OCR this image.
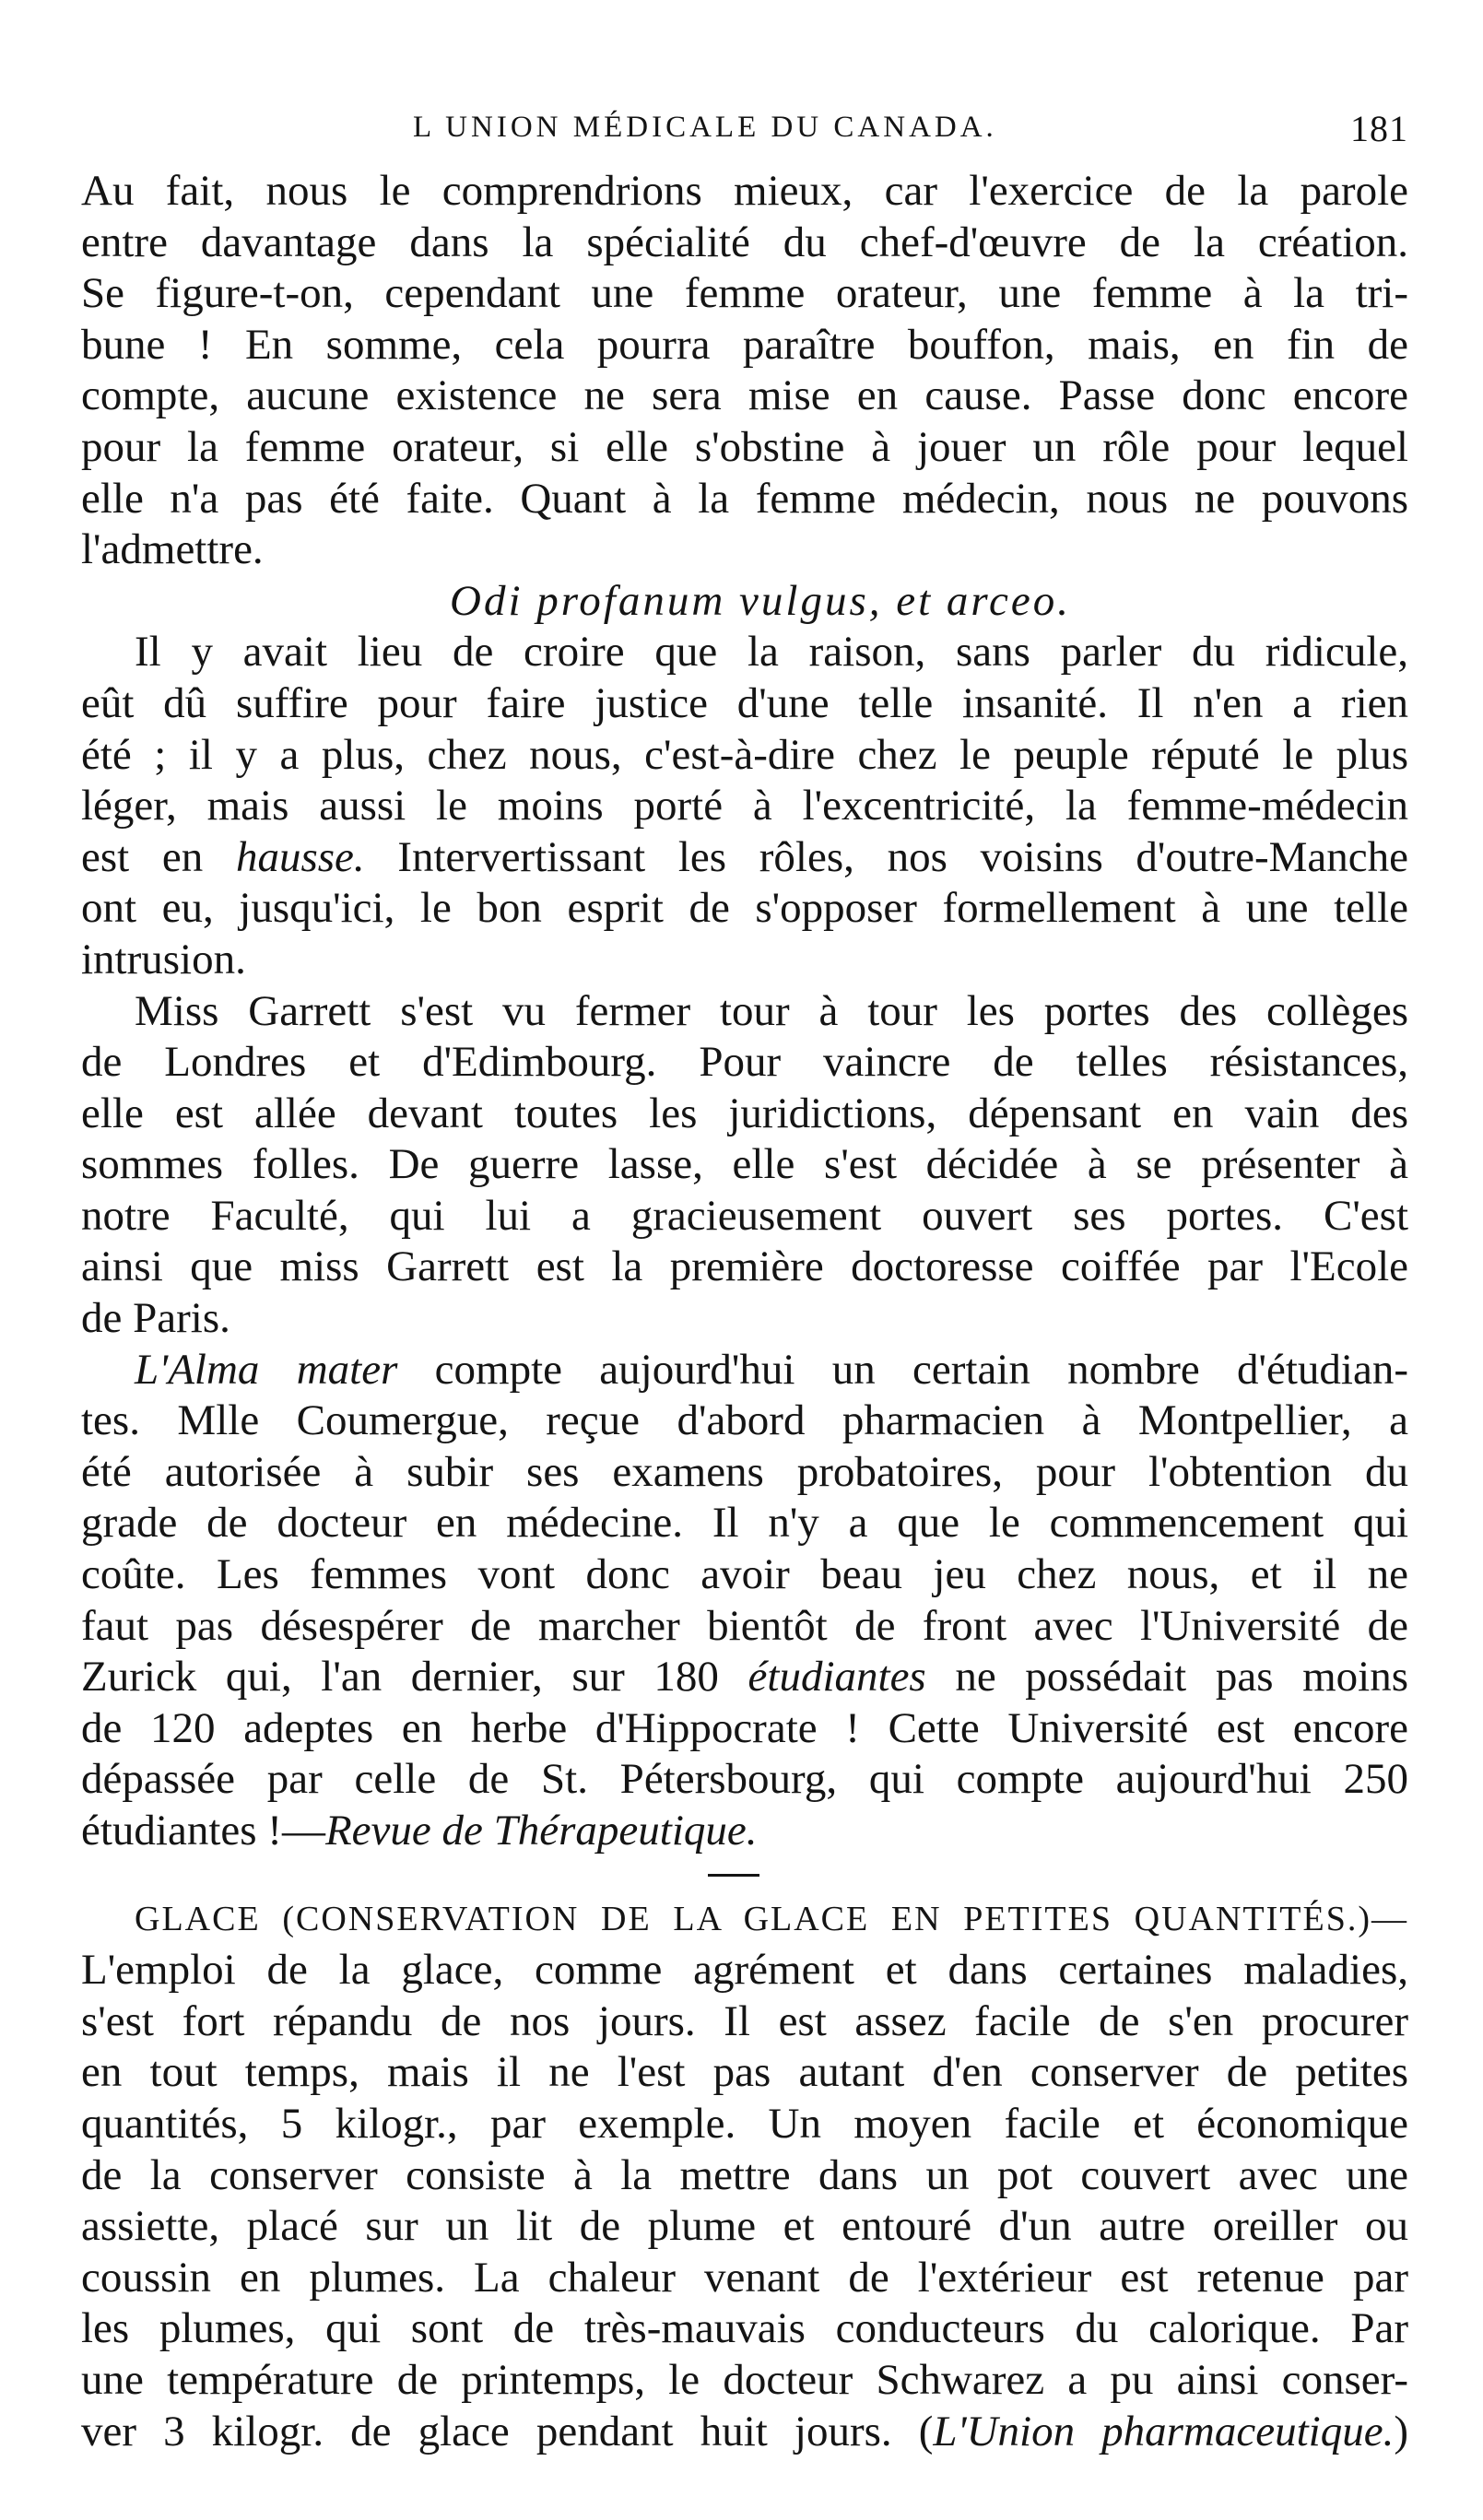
L UNION MÉDICALE DU CANADA.	181
Au fait, nous le comprendrions mieux, car l'exercice de la parole
entre davantage dans la spécialité du chef-d'œuvre de la création.
Se figure-t-on, cependant une femme orateur, une femme à la tri-
bune ! En somme, cela pourra paraître bouffon, mais, en fin de
compte, aucune existence ne sera mise en cause. Passe donc encore
pour la femme orateur, si elle s'obstine à jouer un rôle pour lequel
elle n'a pas été faite. Quant à la femme médecin, nous ne pouvons
l'admettre.
Odi profanum vulgus, et arceo.
Il y avait lieu de croire que la raison, sans parler du ridicule,
eût dû suffire pour faire justice d'une telle insanité. Il n'en a rien
été ; il y a plus, chez nous, c'est-à-dire chez le peuple réputé le plus
léger, mais aussi le moins porté à l'excentricité, la femme-médecin
est en hausse. Intervertissant les rôles, nos voisins d'outre-Manche
ont eu, jusqu'ici, le bon esprit de s'opposer formellement à une telle
intrusion.
Miss Garrett s'est vu fermer tour à tour les portes des collèges
de Londres et d'Edimbourg. Pour vaincre de telles résistances,
elle est allée devant toutes les juridictions, dépensant en vain des
sommes folles. De guerre lasse, elle s'est décidée à se présenter à
notre Faculté, qui lui a gracieusement ouvert ses portes. C'est
ainsi que miss Garrett est la première doctoresse coiffée par l'Ecole
de Paris.
L'Alma mater compte aujourd'hui un certain nombre d'étudian-
tes. Mlle Coumergue, reçue d'abord pharmacien à Montpellier, a
été autorisée à subir ses examens probatoires, pour l'obtention du
grade de docteur en médecine. Il n'y a que le commencement qui
coûte. Les femmes vont donc avoir beau jeu chez nous, et il ne
faut pas désespérer de marcher bientôt de front avec l'Université de
Zurick qui, l'an dernier, sur 180 étudiantes ne possédait pas moins
de 120 adeptes en herbe d'Hippocrate ! Cette Université est encore
dépassée par celle de St. Pétersbourg, qui compte aujourd'hui 250
étudiantes !—Revue de Thérapeutique.
GLACE (CONSERVATION DE LA GLACE EN PETITES QUANTITÉS.)—
L'emploi de la glace, comme agrément et dans certaines maladies,
s'est fort répandu de nos jours. Il est assez facile de s'en procurer
en tout temps, mais il ne l'est pas autant d'en conserver de petites
quantités, 5 kilogr., par exemple. Un moyen facile et économique
de la conserver consiste à la mettre dans un pot couvert avec une
assiette, placé sur un lit de plume et entouré d'un autre oreiller ou
coussin en plumes. La chaleur venant de l'extérieur est retenue par
les plumes, qui sont de très-mauvais conducteurs du calorique. Par
une température de printemps, le docteur Schwarez a pu ainsi conser-
ver 3 kilogr. de glace pendant huit jours. (L'Union pharmaceutique.)
